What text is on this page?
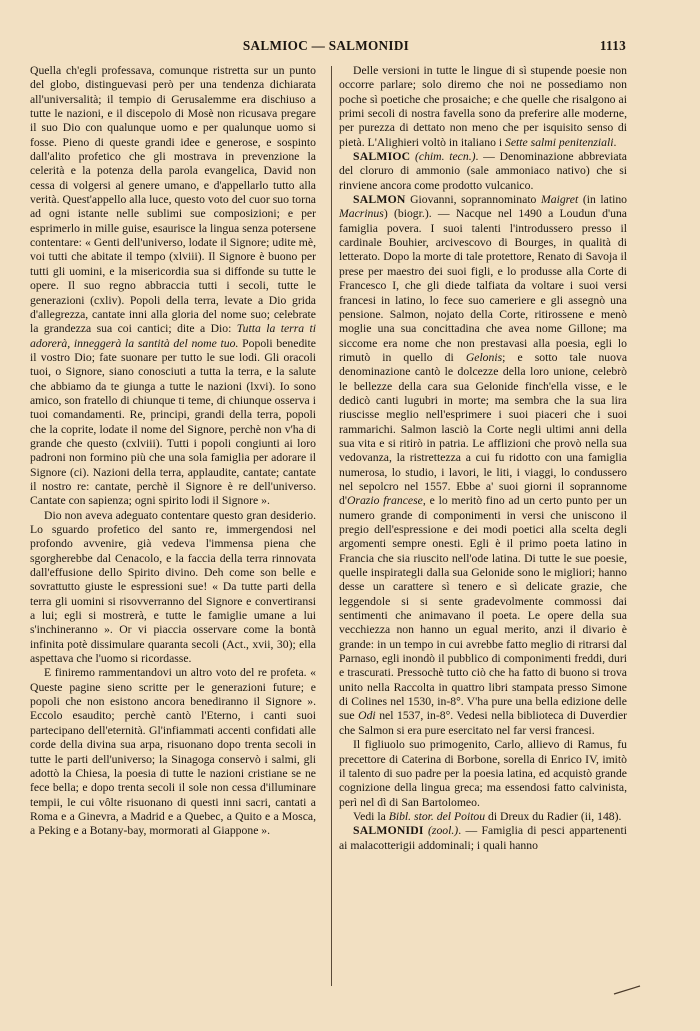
SALMIOC — SALMONIDI	1113

Quella ch'egli professava, comunque ristretta sur un punto del globo, distinguevasi però per una tendenza dichiarata all'universalità; il tempio di Gerusalemme era dischiuso a tutte le nazioni, e il discepolo di Mosè non ricusava pregare il suo Dio con qualunque uomo e per qualunque uomo si fosse. Pieno di queste grandi idee e generose, e sospinto dall'alito profetico che gli mostrava in prevenzione la celerità e la potenza della parola evangelica, David non cessa di volgersi al genere umano, e d'appellarlo tutto alla verità. Quest'appello alla luce, questo voto del cuor suo torna ad ogni istante nelle sublimi sue composizioni; e per esprimerlo in mille guise, esaurisce la lingua senza potersene contentare: « Genti dell'universo, lodate il Signore; udite mè, voi tutti che abitate il tempo (xlviii). Il Signore è buono per tutti gli uomini, e la misericordia sua si diffonde su tutte le opere. Il suo regno abbraccia tutti i secoli, tutte le generazioni (cxliv). Popoli della terra, levate a Dio grida d'allegrezza, cantate inni alla gloria del nome suo; celebrate la grandezza sua coi cantici; dite a Dio: Tutta la terra ti adorerà, inneggerà la santità del nome tuo. Popoli benedite il vostro Dio; fate suonare per tutto le sue lodi. Gli oracoli tuoi, o Signore, siano conosciuti a tutta la terra, e la salute che abbiamo da te giunga a tutte le nazioni (lxvi). Io sono amico, son fratello di chiunque ti teme, di chiunque osserva i tuoi comandamenti. Re, principi, grandi della terra, popoli che la coprite, lodate il nome del Signore, perchè non v'ha di grande che questo (cxlviii). Tutti i popoli congiunti ai loro padroni non formino più che una sola famiglia per adorare il Signore (ci). Nazioni della terra, applaudite, cantate; cantate il nostro re: cantate, perchè il Signore è re dell'universo. Cantate con sapienza; ogni spirito lodi il Signore ».

Dio non aveva adeguato contentare questo gran desiderio. Lo sguardo profetico del santo re, immergendosi nel profondo avvenire, già vedeva l'immensa piena che sgorgherebbe dal Cenacolo, e la faccia della terra rinnovata dall'effusione dello Spirito divino. Deh come son belle e sovrattutto giuste le espressioni sue! « Da tutte parti della terra gli uomini si risovverranno del Signore e convertiransi a lui; egli si mostrerà, e tutte le famiglie umane a lui s'inchineranno ». Or vi piaccia osservare come la bontà infinita potè dissimulare quaranta secoli (Act., xvii, 30); ella aspettava che l'uomo si ricordasse.

E finiremo rammentandovi un altro voto del re profeta. « Queste pagine sieno scritte per le generazioni future; e popoli che non esistono ancora benediranno il Signore ». Eccolo esaudito; perchè cantò l'Eterno, i canti suoi partecipano dell'eternità. Gl'infiammati accenti confidati alle corde della divina sua arpa, risuonano dopo trenta secoli in tutte le parti dell'universo; la Sinagoga conservò i salmi, gli adottò la Chiesa, la poesia di tutte le nazioni cristiane se ne fece bella; e dopo trenta secoli il sole non cessa d'illuminare tempii, le cui vôlte risuonano di questi inni sacri, cantati a Roma e a Ginevra, a Madrid e a Quebec, a Quito e a Mosca, a Peking e a Botany-bay, mormorati al Giappone ».

Delle versioni in tutte le lingue di sì stupende poesie non occorre parlare; solo diremo che noi ne possediamo non poche sì poetiche che prosaiche; e che quelle che risalgono ai primi secoli di nostra favella sono da preferire alle moderne, per purezza di dettato non meno che per isquisito senso di pietà. L'Alighieri voltò in italiano i Sette salmi penitenziali.

SALMIOC (chim. tecn.). — Denominazione abbreviata del cloruro di ammonio (sale ammoniaco nativo) che si rinviene ancora come prodotto vulcanico.

SALMON Giovanni, soprannominato Maigret (in latino Macrinus) (biogr.). — Nacque nel 1490 a Loudun d'una famiglia povera. I suoi talenti l'introdussero presso il cardinale Bouhier, arcivescovo di Bourges, in qualità di letterato. Dopo la morte di tale protettore, Renato di Savoja il prese per maestro dei suoi figli, e lo produsse alla Corte di Francesco I, che gli diede talfiata da voltare i suoi versi francesi in latino, lo fece suo cameriere e gli assegnò una pensione. Salmon, nojato della Corte, ritirossene e menò moglie una sua concittadina che avea nome Gillone; ma siccome era nome che non prestavasi alla poesia, egli lo rimutò in quello di Gelonis; e sotto tale nuova denominazione cantò le dolcezze della loro unione, celebrò le bellezze della cara sua Gelonide finch'ella visse, e le dedicò canti lugubri in morte; ma sembra che la sua lira riuscisse meglio nell'esprimere i suoi piaceri che i suoi rammarichi. Salmon lasciò la Corte negli ultimi anni della sua vita e si ritirò in patria. Le afflizioni che provò nella sua vedovanza, la ristrettezza a cui fu ridotto con una famiglia numerosa, lo studio, i lavori, le liti, i viaggi, lo condussero nel sepolcro nel 1557. Ebbe a' suoi giorni il soprannome d'Orazio francese, e lo meritò fino ad un certo punto per un numero grande di componimenti in versi che uniscono il pregio dell'espressione e dei modi poetici alla scelta degli argomenti sempre onesti. Egli è il primo poeta latino in Francia che sia riuscito nell'ode latina. Di tutte le sue poesie, quelle inspirategli dalla sua Gelonide sono le migliori; hanno desse un carattere sì tenero e sì delicate grazie, che leggendole si si sente gradevolmente commossi dai sentimenti che animavano il poeta. Le opere della sua vecchiezza non hanno un egual merito, anzi il divario è grande: in un tempo in cui avrebbe fatto meglio di ritrarsi dal Parnaso, egli inondò il pubblico di componimenti freddi, duri e trascurati. Pressochè tutto ciò che ha fatto di buono si trova unito nella Raccolta in quattro libri stampata presso Simone di Colines nel 1530, in-8°. V'ha pure una bella edizione delle sue Odi nel 1537, in-8°. Vedesi nella biblioteca di Duverdier che Salmon si era pure esercitato nel far versi francesi.

Il figliuolo suo primogenito, Carlo, allievo di Ramus, fu precettore di Caterina di Borbone, sorella di Enrico IV, imitò il talento di suo padre per la poesia latina, ed acquistò grande cognizione della lingua greca; ma essendosi fatto calvinista, perì nel dì di San Bartolomeo.

Vedi la Bibl. stor. del Poitou di Dreux du Radier (ii, 148).

SALMONIDI (zool.). — Famiglia di pesci appartenenti ai malacotterigii addominali; i quali hanno
